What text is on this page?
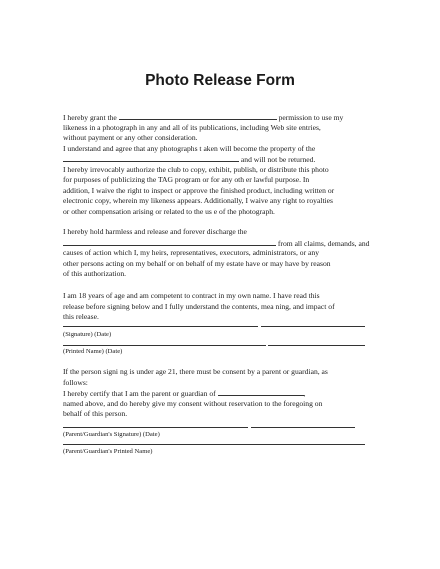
Photo Release Form
I hereby grant the	permission to use my
likeness in a photograph in any and all of its publications, including Web site entries,
without payment or any other consideration.
I understand and agree that any photographs t aken will become the property of the
and will not be returned.
I hereby irrevocably authorize the club to copy, exhibit, publish, or distribute this photo
for purposes of publicizing the TAG program or for any oth er lawful purpose. In
addition, I waive the right to inspect or approve the finished product, including written or
electronic copy, wherein my likeness appears. Additionally, I waive any right to royalties
or other compensation arising or related to the us e of the photograph.
I hereby hold harmless and release and forever discharge the
from all claims, demands, and
causes of action which I, my heirs, representatives, executors, administrators, or any
other persons acting on my behalf or on behalf of my estate have or may have by reason
of this authorization.
I am 18 years of age and am competent to contract in my own name. I have read this
release before signing below and I fully understand the contents, mea ning, and impact of
this release.
(Signature) (Date)
(Printed Name) (Date)
If the person signi ng is under age 21, there must be consent by a parent or guardian, as
follows:
I hereby certify that I am the parent or guardian of	,
named above, and do hereby give my consent without reservation to the foregoing on
behalf of this person.
(Parent/Guardian's Signature) (Date)
(Parent/Guardian's Printed Name)
